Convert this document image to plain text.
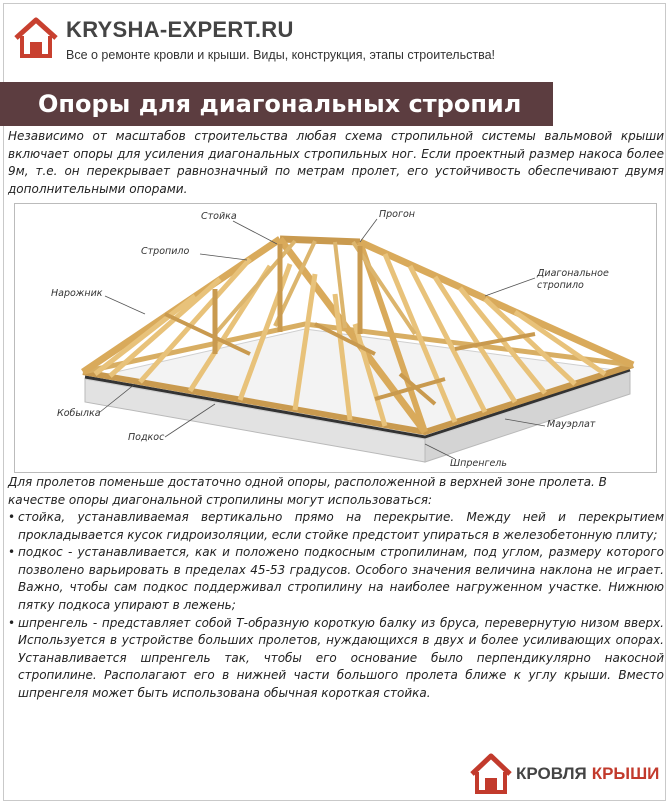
KRYSHA-EXPERT.RU
Все о ремонте кровли и крыши. Виды, конструкция, этапы строительства!
Опоры для диагональных стропил

Независимо от масштабов строительства любая схема стропильной системы вальмовой крыши включает опоры для усиления диагональных стропильных ног. Если проектный размер накоса более 9м, т.е. он перекрывает равнозначный по метрам пролет, его устойчивость обеспечивают двумя дополнительными опорами.

Стойка	Прогон
Стропило
Нарожник
Диагональное
стропило
Кобылка
Подкос
Мауэрлат
Шпренгель

Для пролетов поменьше достаточно одной опоры, расположенной в верхней зоне пролета. В качестве опоры диагональной стропилины могут использоваться:

• стойка, устанавливаемая вертикально прямо на перекрытие. Между ней и перекрытием прокладывается кусок гидроизоляции, если стойке предстоит упираться в железобетонную плиту;
• подкос - устанавливается, как и положено подкосным стропилинам, под углом, размеру которого позволено варьировать в пределах 45-53 градусов. Особого значения величина наклона не играет. Важно, чтобы сам подкос поддерживал стропилину на наиболее нагруженном участке. Нижнюю пятку подкоса упирают в лежень;
• шпренгель - представляет собой Т-образную короткую балку из бруса, перевернутую низом вверх. Используется в устройстве больших пролетов, нуждающихся в двух и более усиливающих опорах. Устанавливается шпренгель так, чтобы его основание было перпендикулярно накосной стропилине. Располагают его в нижней части большого пролета ближе к углу крыши. Вместо шпренгеля может быть использована обычная короткая стойка.
КРОВЛЯ КРЫШИ
